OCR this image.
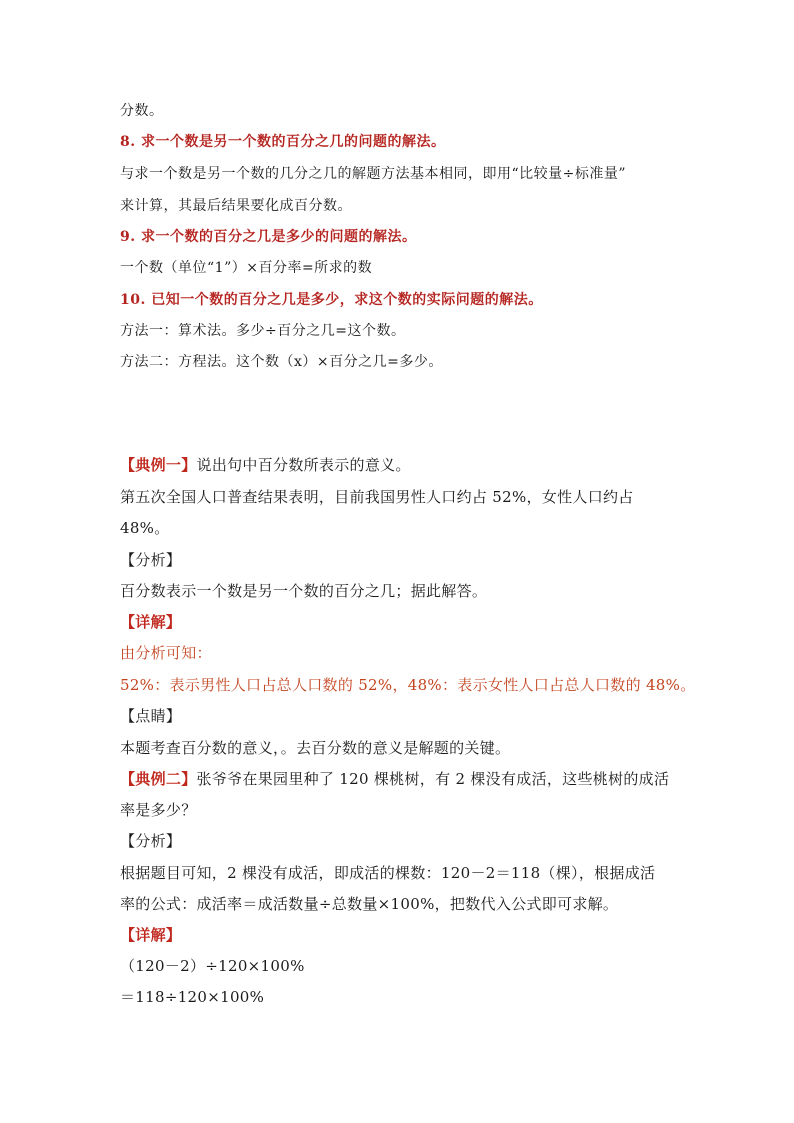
分数。
8. 求一个数是另一个数的百分之几的问题的解法。
与求一个数是另一个数的几分之几的解题方法基本相同，即用“比较量÷标准量”
来计算，其最后结果要化成百分数。
9. 求一个数的百分之几是多少的问题的解法。
一个数（单位“1”）×百分率=所求的数
10. 已知一个数的百分之几是多少，求这个数的实际问题的解法。
方法一：算术法。多少÷百分之几=这个数。
方法二：方程法。这个数（x）×百分之几=多少。
【典例一】说出句中百分数所表示的意义。
第五次全国人口普查结果表明，目前我国男性人口约占 52%，女性人口约占
48%。
【分析】
百分数表示一个数是另一个数的百分之几；据此解答。
【详解】
由分析可知：
52%：表示男性人口占总人口数的 52%，48%：表示女性人口占总人口数的 48%。
【点睛】
本题考查百分数的意义，。去百分数的意义是解题的关键。
【典例二】张爷爷在果园里种了 120 棵桃树，有 2 棵没有成活，这些桃树的成活
率是多少？
【分析】
根据题目可知，2 棵没有成活，即成活的棵数：120－2＝118（棵），根据成活
率的公式：成活率＝成活数量÷总数量×100%，把数代入公式即可求解。
【详解】
（120－2）÷120×100%
＝118÷120×100%
